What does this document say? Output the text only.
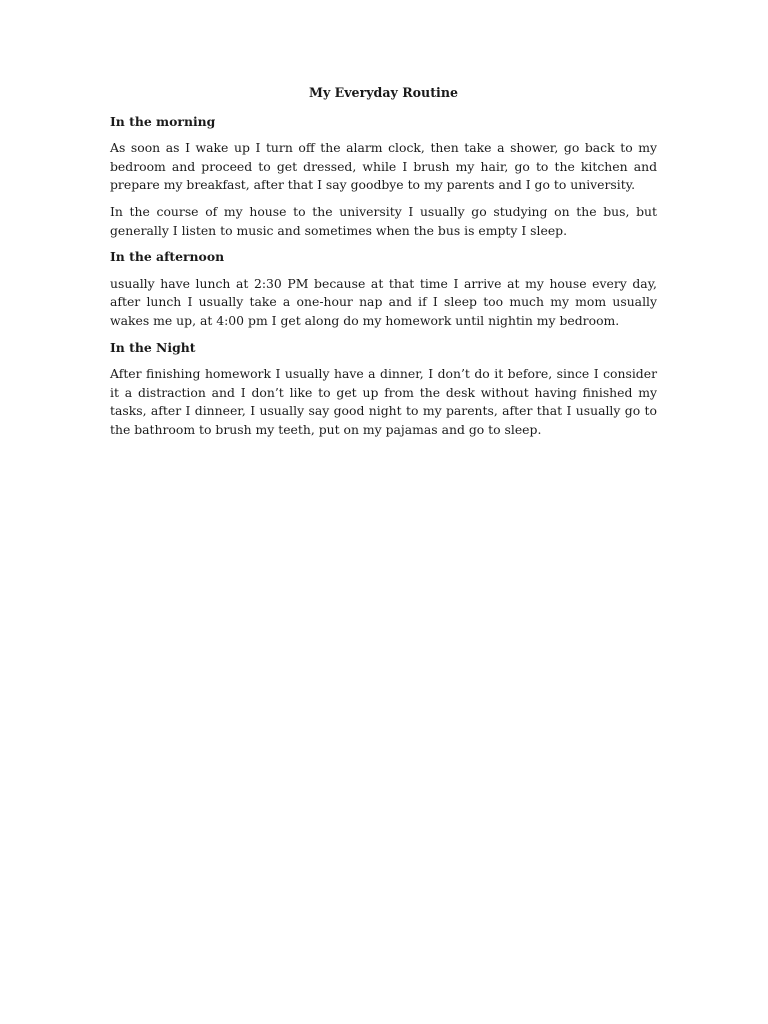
My Everyday Routine
In the morning

As soon as I wake up I turn off the alarm clock, then take a shower, go back to my bedroom and proceed to get dressed, while I brush my hair, go to the kitchen and prepare my breakfast, after that I say goodbye to my parents and I go to university.

In the course of my house to the university I usually go studying on the bus, but generally I listen to music and sometimes when the bus is empty I sleep.

In the afternoon

usually have lunch at 2:30 PM because at that time I arrive at my house every day, after lunch I usually take a one-hour nap and if I sleep too much my mom usually wakes me up, at 4:00 pm I get along do my homework until nightin my bedroom.

In the Night

After finishing homework I usually have a dinner, I don’t do it before, since I consider it a distraction and I don’t like to get up from the desk without having finished my tasks, after I dinneer, I usually say good night to my parents, after that I usually go to the bathroom to brush my teeth, put on my pajamas and go to sleep.
